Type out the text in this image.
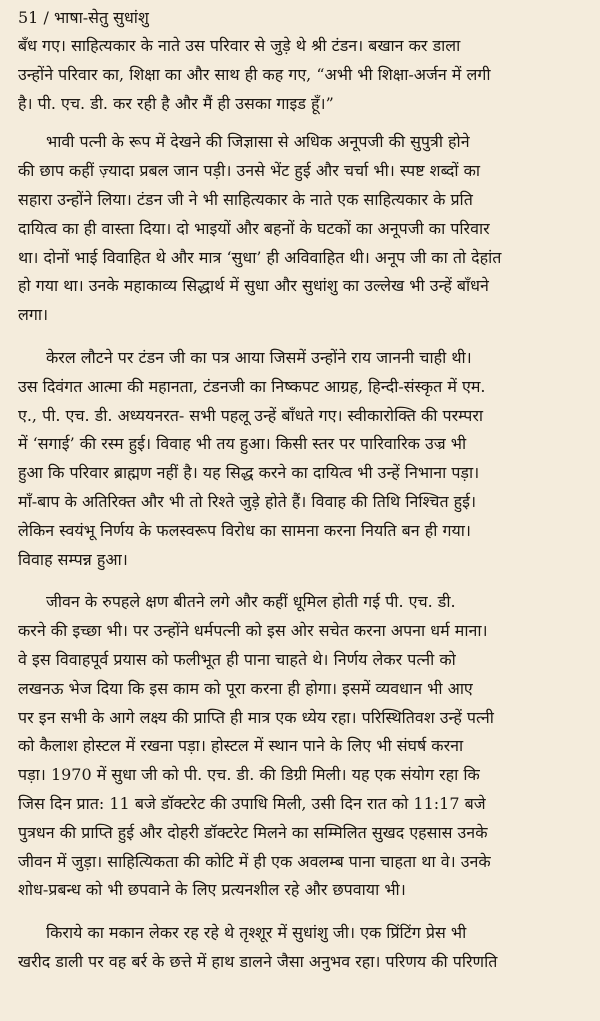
51 / भाषा-सेतु सुधांशु
बँध गए। साहित्यकार के नाते उस परिवार से जुड़े थे श्री टंडन। बखान कर डाला
उन्होंने परिवार का, शिक्षा का और साथ ही कह गए, “अभी भी शिक्षा-अर्जन में लगी
है। पी. एच. डी. कर रही है और मैं ही उसका गाइड हूँ।”
भावी पत्नी के रूप में देखने की जिज्ञासा से अधिक अनूपजी की सुपुत्री होने
की छाप कहीं ज़्यादा प्रबल जान पड़ी। उनसे भेंट हुई और चर्चा भी। स्पष्ट शब्दों का
सहारा उन्होंने लिया। टंडन जी ने भी साहित्यकार के नाते एक साहित्यकार के प्रति
दायित्व का ही वास्ता दिया। दो भाइयों और बहनों के घटकों का अनूपजी का परिवार
था। दोनों भाई विवाहित थे और मात्र ‘सुधा’ ही अविवाहित थी। अनूप जी का तो देहांत
हो गया था। उनके महाकाव्य सिद्धार्थ में सुधा और सुधांशु का उल्लेख भी उन्हें बाँधने
लगा।
केरल लौटने पर टंडन जी का पत्र आया जिसमें उन्होंने राय जाननी चाही थी।
उस दिवंगत आत्मा की महानता, टंडनजी का निष्कपट आग्रह, हिन्दी-संस्कृत में एम.
ए., पी. एच. डी. अध्ययनरत- सभी पहलू उन्हें बाँधते गए। स्वीकारोक्ति की परम्परा
में ‘सगाई’ की रस्म हुई। विवाह भी तय हुआ। किसी स्तर पर पारिवारिक उज्र भी
हुआ कि परिवार ब्राह्मण नहीं है। यह सिद्ध करने का दायित्व भी उन्हें निभाना पड़ा।
माँ-बाप के अतिरिक्त और भी तो रिश्ते जुड़े होते हैं। विवाह की तिथि निश्चित हुई।
लेकिन स्वयंभू निर्णय के फलस्वरूप विरोध का सामना करना नियति बन ही गया।
विवाह सम्पन्न हुआ।
जीवन के रुपहले क्षण बीतने लगे और कहीं धूमिल होती गई पी. एच. डी.
करने की इच्छा भी। पर उन्होंने धर्मपत्नी को इस ओर सचेत करना अपना धर्म माना।
वे इस विवाहपूर्व प्रयास को फलीभूत ही पाना चाहते थे। निर्णय लेकर पत्नी को
लखनऊ भेज दिया कि इस काम को पूरा करना ही होगा। इसमें व्यवधान भी आए
पर इन सभी के आगे लक्ष्य की प्राप्ति ही मात्र एक ध्येय रहा। परिस्थितिवश उन्हें पत्नी
को कैलाश होस्टल में रखना पड़ा। होस्टल में स्थान पाने के लिए भी संघर्ष करना
पड़ा। 1970 में सुधा जी को पी. एच. डी. की डिग्री मिली। यह एक संयोग रहा कि
जिस दिन प्रात: 11 बजे डॉक्टरेट की उपाधि मिली, उसी दिन रात को 11:17 बजे
पुत्रधन की प्राप्ति हुई और दोहरी डॉक्टरेट मिलने का सम्मिलित सुखद एहसास उनके
जीवन में जुड़ा। साहित्यिकता की कोटि में ही एक अवलम्ब पाना चाहता था वे। उनके
शोध-प्रबन्ध को भी छपवाने के लिए प्रत्यनशील रहे और छपवाया भी।
किराये का मकान लेकर रह रहे थे तृश्शूर में सुधांशु जी। एक प्रिंटिंग प्रेस भी
खरीद डाली पर वह बर्र के छत्ते में हाथ डालने जैसा अनुभव रहा। परिणय की परिणति
